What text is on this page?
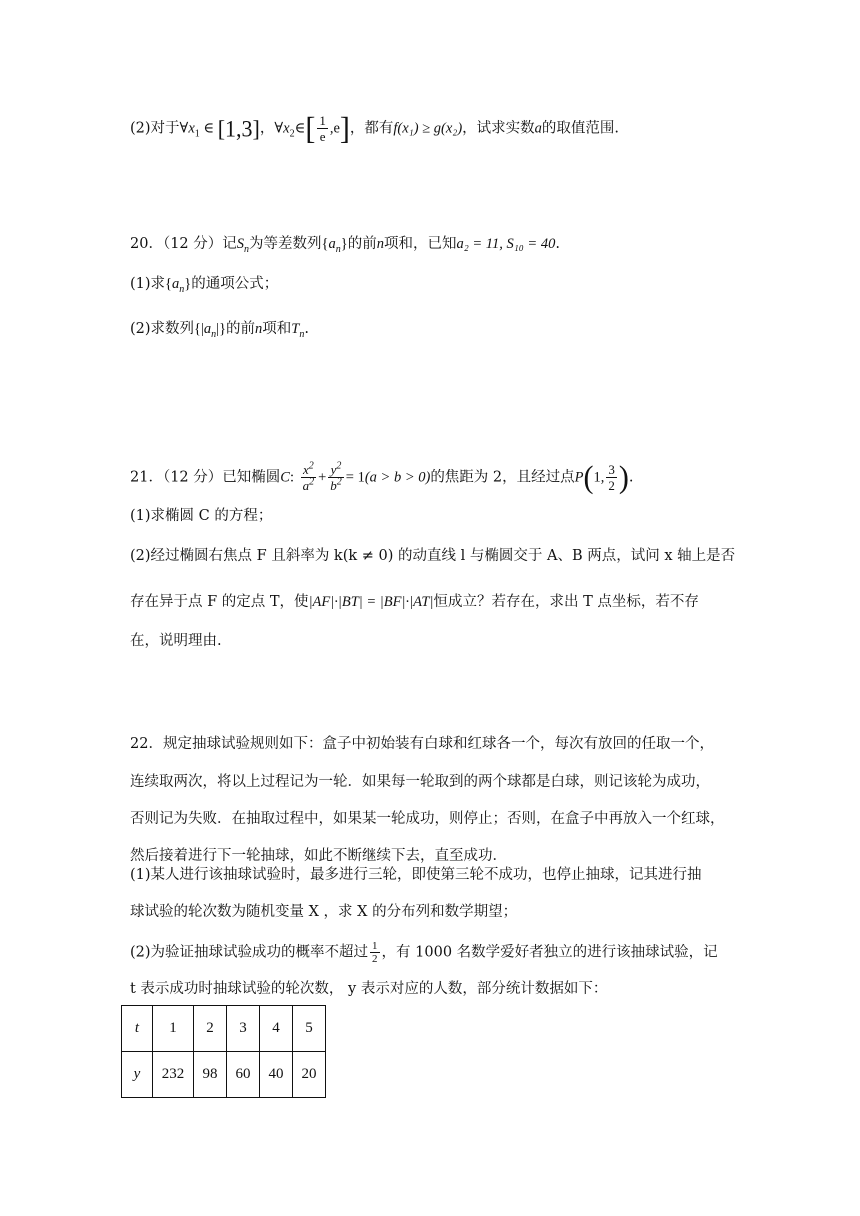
(2)对于$\forall x_1$ ∈ [1,3]，$\forall x_2\in[ \frac{1}{e} ,e]$，都有f(x₁) ≥ g(x₂)，试求实数a的取值范围.
20．（12 分）记$S_n$为等差数列$\{a_n\}$的前n项和，已知a₂ = 11, S₁₀ = 40.
(1)求$\{a_n\}$的通项公式；
(2)求数列$\{|a_n|\}$的前n项和$T_n$.
21．（12 分）已知椭圆C: $\frac{x^2}{a^2} + \frac{y^2}{b^2} = 1(a > b > 0)$的焦距为 2，且经过点P(1, $\frac{3}{2}$ ).
(1)求椭圆 C 的方程；
(2)经过椭圆右焦点 F 且斜率为 k(k ≠ 0) 的动直线 l 与椭圆交于 A、B 两点，试问 x 轴上是否
存在异于点 F 的定点 T，使|AF|·|BT| = |BF|·|AT|恒成立？若存在，求出 T 点坐标，若不存
在，说明理由.
22．规定抽球试验规则如下：盒子中初始装有白球和红球各一个，每次有放回的任取一个，
连续取两次，将以上过程记为一轮．如果每一轮取到的两个球都是白球，则记该轮为成功，
否则记为失败．在抽取过程中，如果某一轮成功，则停止；否则，在盒子中再放入一个红球，
然后接着进行下一轮抽球，如此不断继续下去，直至成功．
(1)某人进行该抽球试验时，最多进行三轮，即使第三轮不成功，也停止抽球，记其进行抽
球试验的轮次数为随机变量 X ，求 X 的分布列和数学期望；
(2)为验证抽球试验成功的概率不超过 $\frac{1}{2}$ ，有 1000 名数学爱好者独立的进行该抽球试验，记
t 表示成功时抽球试验的轮次数， y 表示对应的人数，部分统计数据如下：
t	1	2	3	4	5
y	232	98	60	40	20
